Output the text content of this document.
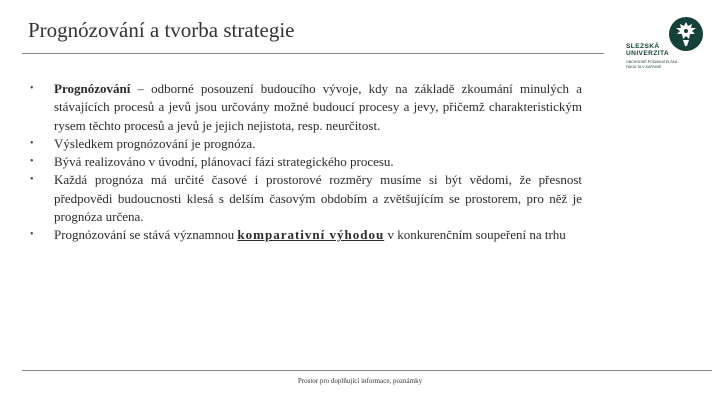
Prognózování a tvorba strategie
SLEZSKÁ
UNIVERZITA
OBCHODNĚ PODNIKATELSKÁ
FAKULTA V KARVINÉ
• Prognózování – odborné posouzení budoucího vývoje, kdy na základě zkoumání minulých a stávajících procesů a jevů jsou určovány možné budoucí procesy a jevy, přičemž charakteristickým rysem těchto procesů a jevů je jejich nejistota, resp. neurčitost.
• Výsledkem prognózování je prognóza.
• Bývá realizováno v úvodní, plánovací fázi strategického procesu.
• Každá prognóza má určité časové i prostorové rozměry musíme si být vědomi, že přesnost předpovědi budoucnosti klesá s delším časovým obdobím a zvětšujícím se prostorem, pro něž je prognóza určena.
• Prognózování se stává významnou komparativní výhodou v konkurenčním soupeření na trhu
Prostor pro doplňující informace, poznámky
